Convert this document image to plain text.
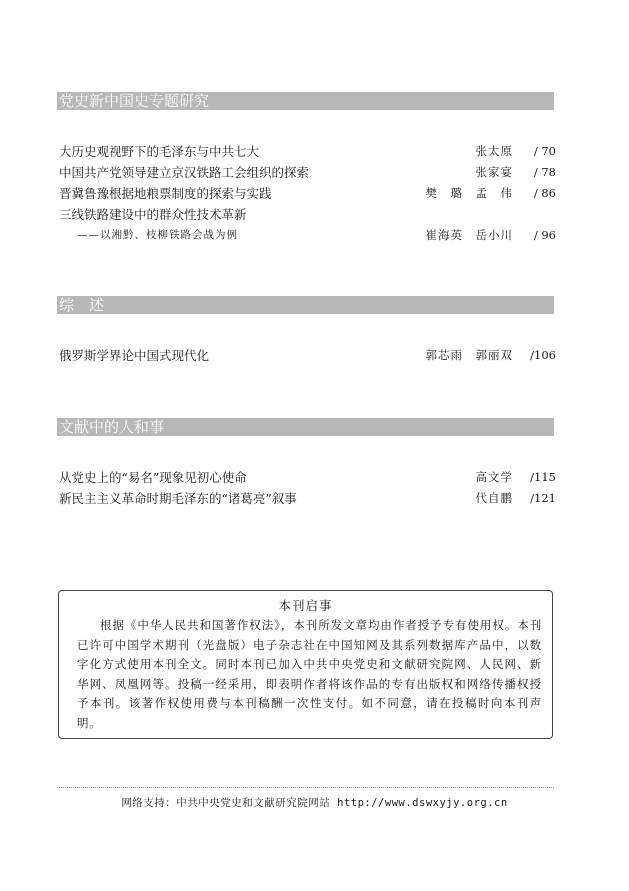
党史新中国史专题研究
大历史观视野下的毛泽东与中共七大	张太原 / 70
中国共产党领导建立京汉铁路工会组织的探索	张家宴 / 78
晋冀鲁豫根据地粮票制度的探索与实践	樊　璐　孟　伟 / 86
三线铁路建设中的群众性技术革新
——以湘黔、枝柳铁路会战为例	崔海英　岳小川 / 96
综　述
俄罗斯学界论中国式现代化	郭芯雨　郭丽双 /106
文献中的人和事
从党史上的“易名”现象见初心使命	高文学 /115
新民主主义革命时期毛泽东的“诸葛亮”叙事	代自鹏 /121
本刊启事
根据《中华人民共和国著作权法》，本刊所发文章均由作者授予专有使用权。本刊已许可中国学术期刊（光盘版）电子杂志社在中国知网及其系列数据库产品中，以数字化方式使用本刊全文。同时本刊已加入中共中央党史和文献研究院网、人民网、新华网、凤凰网等。投稿一经采用，即表明作者将该作品的专有出版权和网络传播权授予本刊。该著作权使用费与本刊稿酬一次性支付。如不同意，请在投稿时向本刊声明。
网络支持：中共中央党史和文献研究院网站 http://www.dswxyjy.org.cn
